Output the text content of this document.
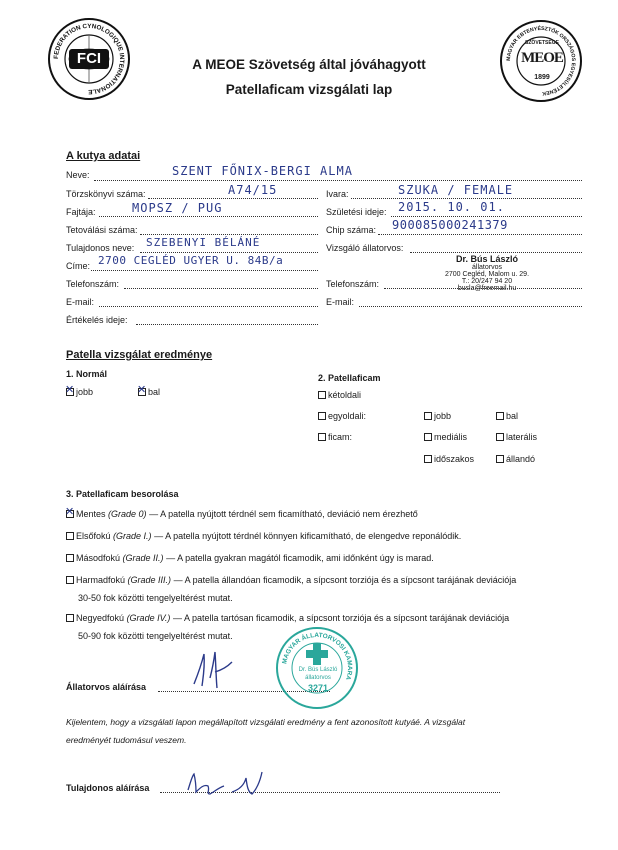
FEDERATION CYNOLOGIQUE INTERNATIONALE
FCI	MAGYAR EBTENYÉSZTŐK ORSZÁGOS EGYESÜLETÉNEK
SZÖVETSÉGE
MEOE
1899
A MEOE Szövetség által jóváhagyott
Patellaficam vizsgálati lap
A kutya adatai
Neve:	SZENT FŐNIX-BERGI ALMA
Törzskönyvi száma:	A74/15	Ivara:	SZUKA / FEMALE
Fajtája:	MOPSZ / PUG	Születési ideje: 2015. 10. 01.
Tetoválási száma:	Chip száma: 900085000241379
Tulajdonos neve: SZEBENYI BÉLÁNÉ	Vizsgáló állatorvos:
Címe: 2700 CEGLÉD UGYER U. 84B/a	Dr. Bús László
állatorvos
2700 Cegléd, Malom u. 29.
T.: 20/247 94 20
busla@freemail.hu
Telefonszám:	Telefonszám:
E-mail:	E-mail:
Értékelés ideje:
Patella vizsgálat eredménye
1. Normál
✕jobb
✕	bal
2. Patellaficam
kétoldali
egyoldali:	jobb	bal
ficam:	mediális	laterális
időszakos	állandó
3. Patellaficam besorolása
✕Mentes (Grade 0) — A patella nyújtott térdnél sem ficamítható, deviáció nem érezhető
Elsőfokú (Grade I.) — A patella nyújtott térdnél könnyen kificamítható, de elengedve reponálódik.
Másodfokú (Grade II.) — A patella gyakran magától ficamodik, ami időnként úgy is marad.
Harmadfokú (Grade III.) — A patella állandóan ficamodik, a sípcsont torziója és a sípcsont tarájának deviációja
30-50 fok közötti tengelyeltérést mutat.
Negyedfokú (Grade IV.) — A patella tartósan ficamodik, a sípcsont torziója és a sípcsont tarájának deviációja
50-90 fok közötti tengelyeltérést mutat.
Állatorvos aláírása
MAGYAR ÁLLATORVOSI KAMARA
Dr. Bús László
állatorvos
3271
Kijelentem, hogy a vizsgálati lapon megállapított vizsgálati eredmény a fent azonosított kutyáé. A vizsgálat
eredményét tudomásul veszem.
Tulajdonos aláírása
